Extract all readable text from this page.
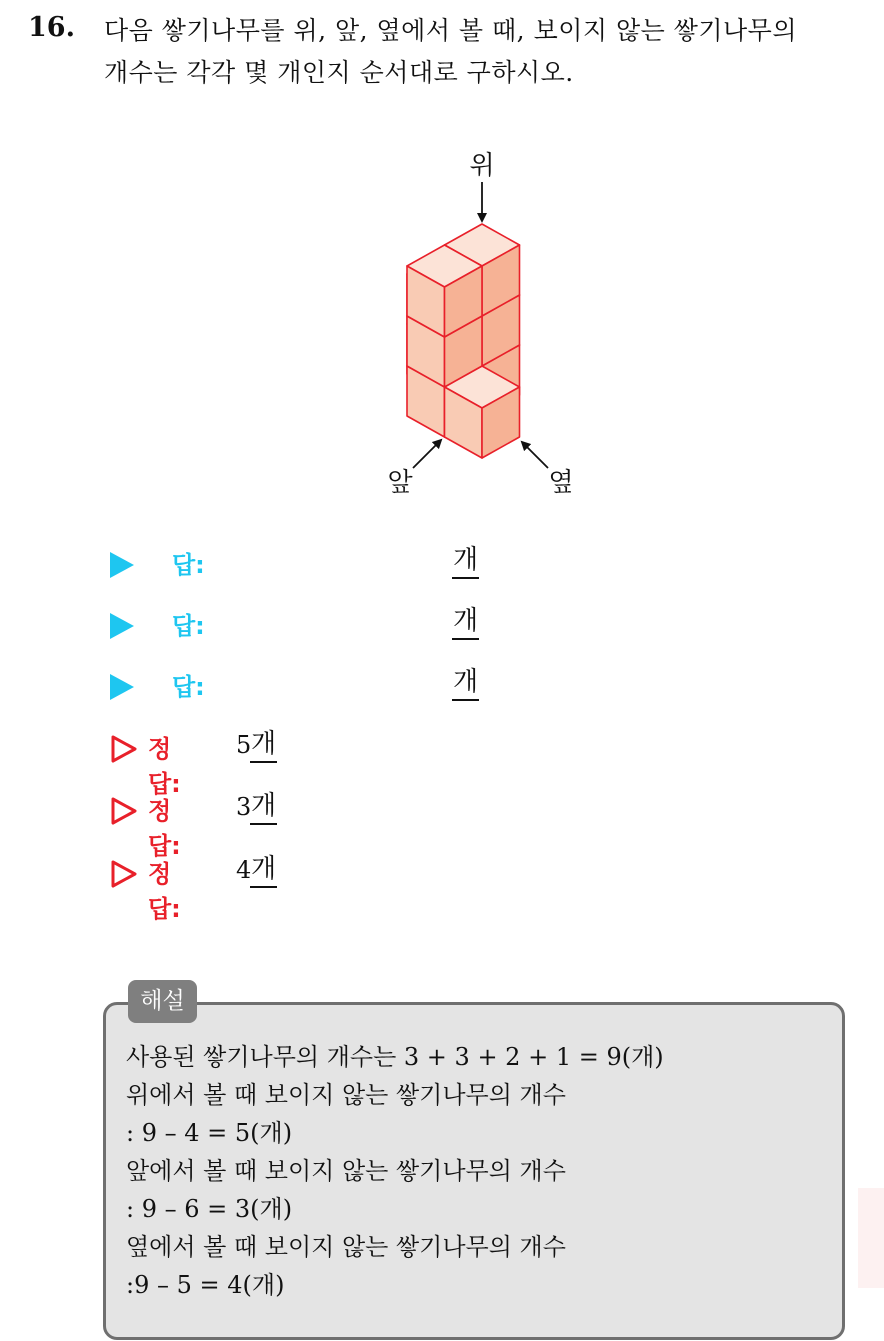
16. 다음 쌓기나무를 위, 앞, 옆에서 볼 때, 보이지 않는 쌓기나무의
개수는 각각 몇 개인지 순서대로 구하시오.
위
앞	옆
답:	개
답:	개
답:	개
정답:
5 개
정답:
3 개
정답:
4 개
해설
사용된 쌓기나무의 개수는 3 + 3 + 2 + 1 = 9(개)
위에서 볼 때 보이지 않는 쌓기나무의 개수
: 9 – 4 = 5(개)
앞에서 볼 때 보이지 않는 쌓기나무의 개수
: 9 – 6 = 3(개)
옆에서 볼 때 보이지 않는 쌓기나무의 개수
:9 – 5 = 4(개)
